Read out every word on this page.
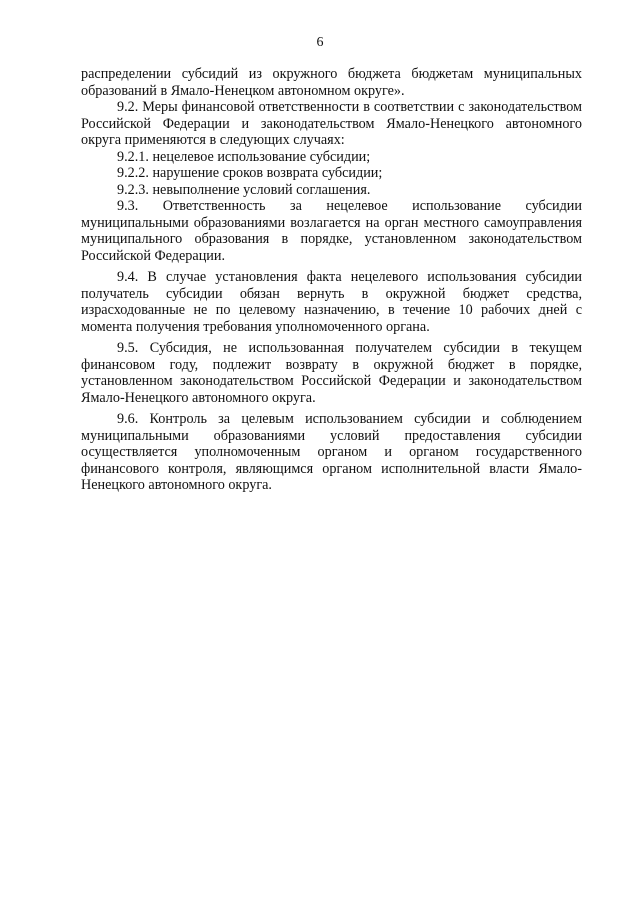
6

распределении субсидий из окружного бюджета бюджетам муниципальных образований в Ямало-Ненецком автономном округе».

9.2. Меры финансовой ответственности в соответствии с законодательством Российской Федерации и законодательством Ямало-Ненецкого автономного округа применяются в следующих случаях:

9.2.1. нецелевое использование субсидии;

9.2.2. нарушение сроков возврата субсидии;

9.2.3. невыполнение условий соглашения.

9.3. Ответственность за нецелевое использование субсидии муниципальными образованиями возлагается на орган местного самоуправления муниципального образования в порядке, установленном законодательством Российской Федерации.

9.4. В случае установления факта нецелевого использования субсидии получатель субсидии обязан вернуть в окружной бюджет средства, израсходованные не по целевому назначению, в течение 10 рабочих дней с момента получения требования уполномоченного органа.

9.5. Субсидия, не использованная получателем субсидии в текущем финансовом году, подлежит возврату в окружной бюджет в порядке, установленном законодательством Российской Федерации и законодательством Ямало-Ненецкого автономного округа.

9.6. Контроль за целевым использованием субсидии и соблюдением муниципальными образованиями условий предоставления субсидии осуществляется уполномоченным органом и органом государственного финансового контроля, являющимся органом исполнительной власти Ямало-Ненецкого автономного округа.
